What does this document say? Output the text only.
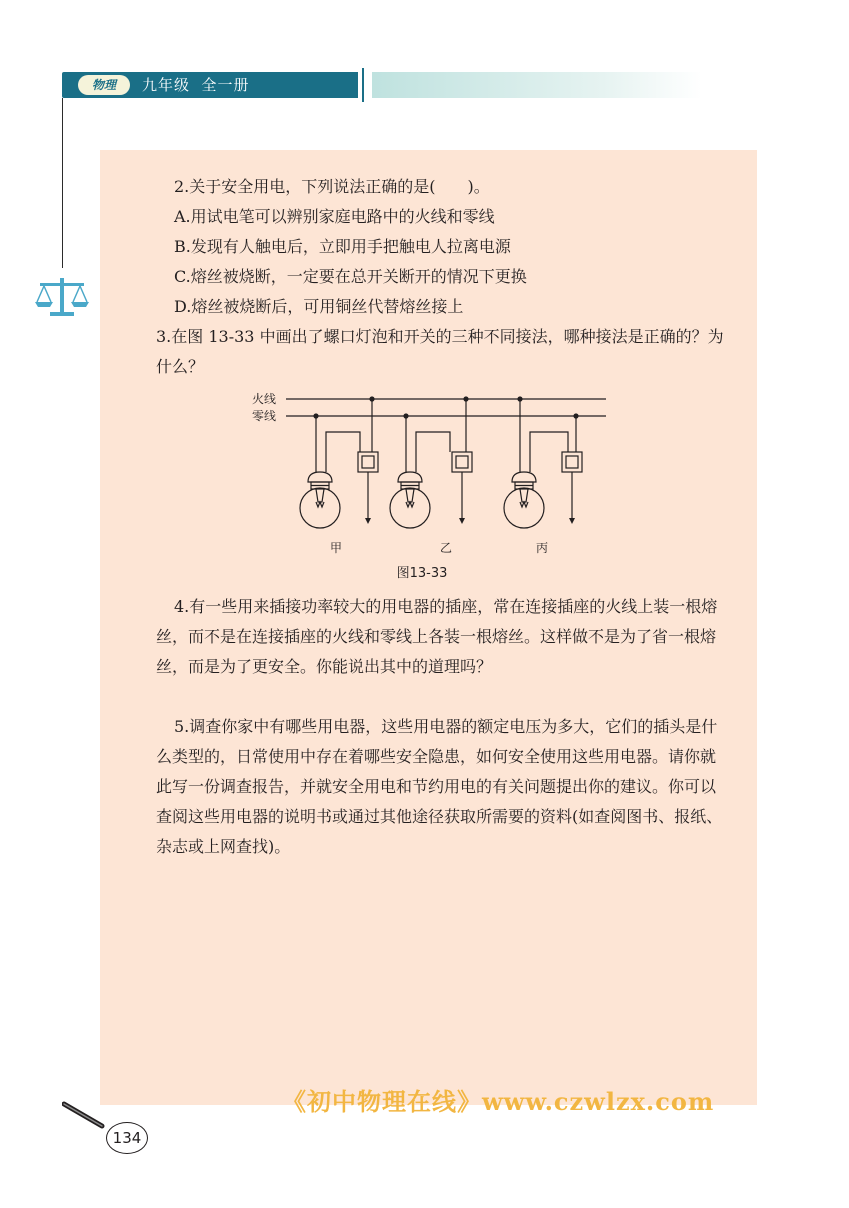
物理	九年级  全一册

2.关于安全用电，下列说法正确的是(　　)。

A.用试电笔可以辨别家庭电路中的火线和零线

B.发现有人触电后，立即用手把触电人拉离电源

C.熔丝被烧断，一定要在总开关断开的情况下更换

D.熔丝被烧断后，可用铜丝代替熔丝接上

3.在图 13-33 中画出了螺口灯泡和开关的三种不同接法，哪种接法是正确的？为什么？

火线
零线
甲	乙	丙
图13-33

4.有一些用来插接功率较大的用电器的插座，常在连接插座的火线上装一根熔丝，而不是在连接插座的火线和零线上各装一根熔丝。这样做不是为了省一根熔丝，而是为了更安全。你能说出其中的道理吗？

5.调查你家中有哪些用电器，这些用电器的额定电压为多大，它们的插头是什么类型的，日常使用中存在着哪些安全隐患，如何安全使用这些用电器。请你就此写一份调查报告，并就安全用电和节约用电的有关问题提出你的建议。你可以查阅这些用电器的说明书或通过其他途径获取所需要的资料(如查阅图书、报纸、杂志或上网查找)。

《初中物理在线》www.czwlzx.com
134
